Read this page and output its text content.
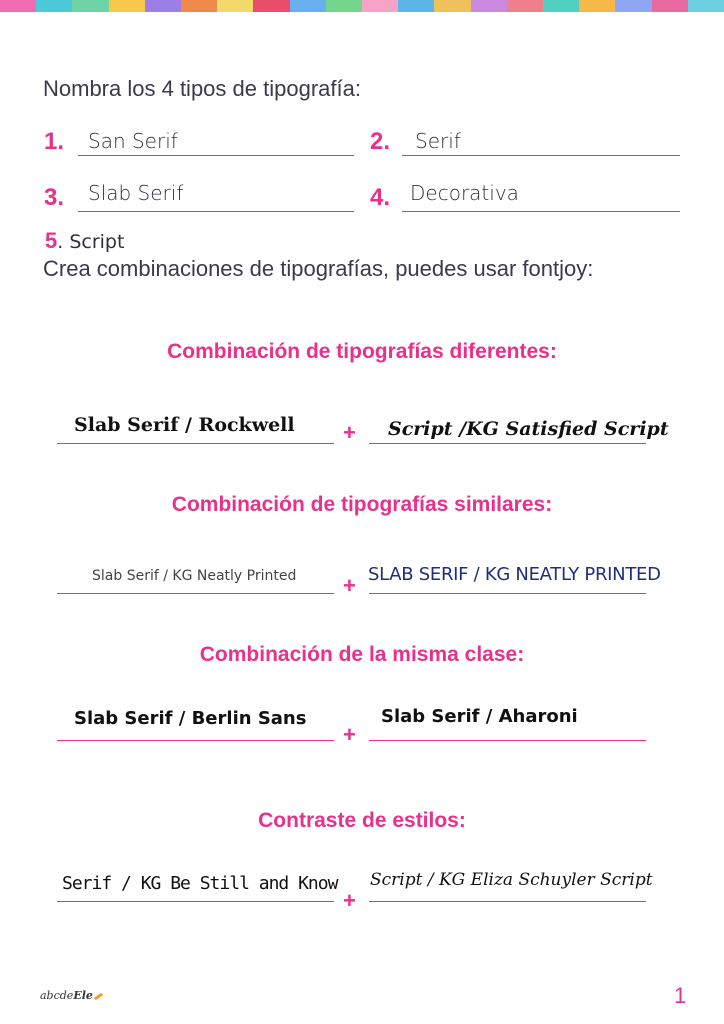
Nombra los 4 tipos de tipografía:
1. San Serif	2. Serif
3. Slab Serif	4. Decorativa
5. Script
Crea combinaciones de tipografías, puedes usar fontjoy:
Combinación de tipografías diferentes:
Slab Serif / Rockwell + Script /KG Satisfied Script
Combinación de tipografías similares:
Slab Serif / KG Neatly Printed + SLAB SERIF / KG NEATLY PRINTED
Combinación de la misma clase:
Slab Serif / Berlin Sans
+
Slab Serif / Aharoni
Contraste de estilos:
Serif / KG Be Still and Know
+
Script / KG Eliza Schuyler Script
abcdeEle	1
